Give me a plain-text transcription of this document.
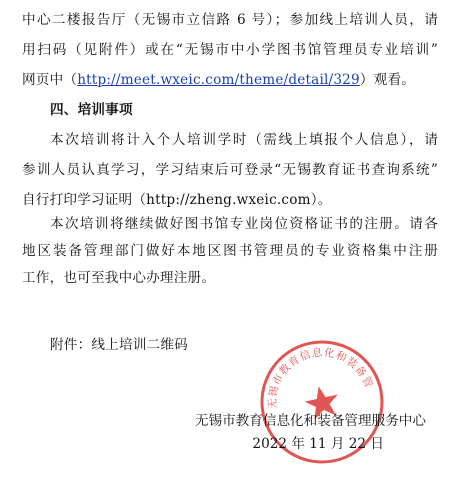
中心二楼报告厅（无锡市立信路 6 号）；参加线上培训人员，请
用扫码（见附件）或在“无锡市中小学图书馆管理员专业培训”
网页中（http://meet.wxeic.com/theme/detail/329）观看。
四、培训事项
本次培训将计入个人培训学时（需线上填报个人信息），请
参训人员认真学习，学习结束后可登录“无锡教育证书查询系统”
自行打印学习证明（http://zheng.wxeic.com）。
本次培训将继续做好图书馆专业岗位资格证书的注册。请各
地区装备管理部门做好本地区图书管理员的专业资格集中注册
工作，也可至我中心办理注册。
附件：线上培训二维码
无锡市教育信息化和装备管理服务中心
无锡市教育信息化和装备管理服务中心
2022 年 11 月 22 日
